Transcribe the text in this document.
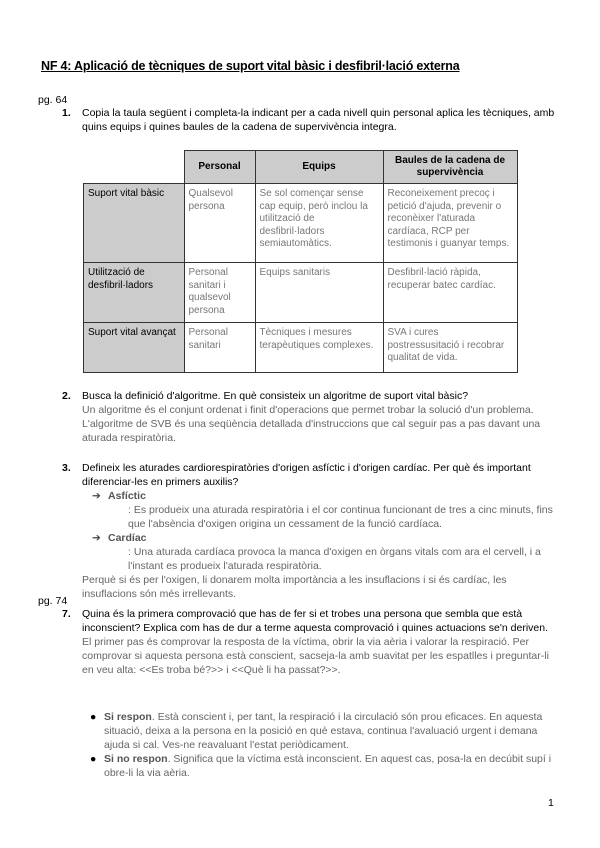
NF 4: Aplicació de tècniques de suport vital bàsic i desfibril·lació externa
pg. 64
1. Copia la taula següent i completa-la indicant per a cada nivell quin personal aplica les tècniques, amb quins equips i quines baules de la cadena de supervivència integra.
	Personal	Equips	Baules de la cadena de supervivència
Suport vital bàsic	Qualsevol persona	Se sol començar sense cap equip, però inclou la utilització de desfibril·ladors semiautomàtics.	Reconeixement precoç i petició d'ajuda, prevenir o reconèixer l'aturada cardíaca, RCP per testimonis i guanyar temps.
Utilització de desfibril·ladors	Personal sanitari i qualsevol persona	Equips sanitaris	Desfibril·lació ràpida, recuperar batec cardíac.
Suport vital avançat	Personal sanitari	Tècniques i mesures terapèutiques complexes.	SVA i cures postressusitació i recobrar qualitat de vida.
2. Busca la definició d'algoritme. En què consisteix un algoritme de suport vital bàsic?
Un algoritme és el conjunt ordenat i finit d'operacions que permet trobar la solució d'un problema. L'algoritme de SVB és una seqüència detallada d'instruccions que cal seguir pas a pas davant una aturada respiratòria.
3. Defineix les aturades cardiorespiratòries d'origen asfíctic i d'origen cardíac. Per què és important diferenciar-les en primers auxilis?
➔ Asfíctic
: Es produeix una aturada respiratòria i el cor continua funcionant de tres a cinc minuts, fins que l'absència d'oxigen origina un cessament de la funció cardíaca.
➔ Cardíac
: Una aturada cardíaca provoca la manca d'oxigen en òrgans vitals com ara el cervell, i a l'instant es produeix l'aturada respiratòria.
Perquè si és per l'oxigen, li donarem molta importància a les insuflacions i si és cardíac, les insuflacions són més irrellevants.
pg. 74
7. Quina és la primera comprovació que has de fer si et trobes una persona que sembla que està inconscient? Explica com has de dur a terme aquesta comprovació i quines actuacions se'n deriven.
El primer pas és comprovar la resposta de la víctima, obrir la via aèria i valorar la respiració. Per comprovar si aquesta persona està conscient, sacseja-la amb suavitat per les espatlles i preguntar-li en veu alta: <<Es troba bé?>> i <<Què li ha passat?>>.
● Si respon. Està conscient i, per tant, la respiració i la circulació són prou eficaces. En aquesta situació, deixa a la persona en la posició en què estava, continua l'avaluació urgent i demana ajuda si cal. Ves-ne reavaluant l'estat periòdicament.
● Si no respon. Significa que la víctima està inconscient. En aquest cas, posa-la en decúbit supí i obre-li la via aèria.
1
